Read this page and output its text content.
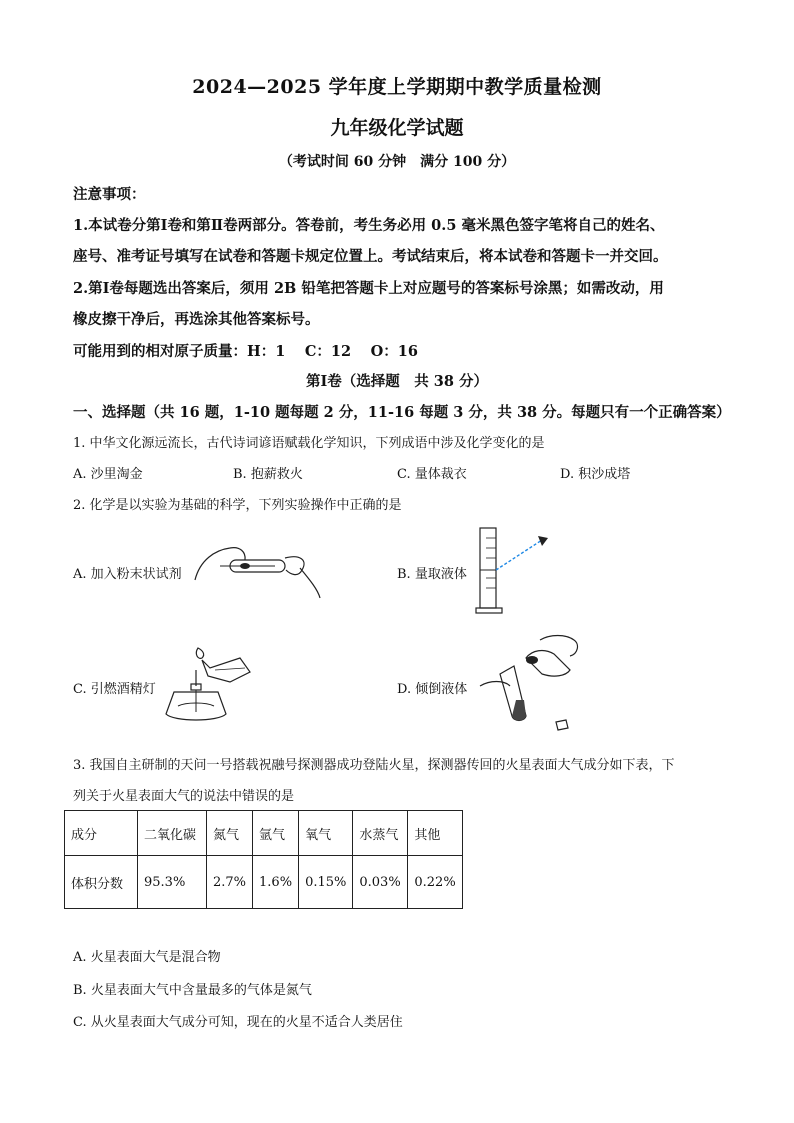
2024—2025 学年度上学期期中教学质量检测
九年级化学试题
（考试时间 60 分钟　满分 100 分）
注意事项：
1.本试卷分第Ⅰ卷和第Ⅱ卷两部分。答卷前，考生务必用 0.5 毫米黑色签字笔将自己的姓名、
座号、准考证号填写在试卷和答题卡规定位置上。考试结束后，将本试卷和答题卡一并交回。
2.第Ⅰ卷每题选出答案后，须用 2B 铅笔把答题卡上对应题号的答案标号涂黑；如需改动，用
橡皮擦干净后，再选涂其他答案标号。
可能用到的相对原子质量：H：1　 C：12　 O：16
第Ⅰ卷（选择题　共 38 分）
一、选择题（共 16 题，1-10 题每题 2 分，11-16 每题 3 分，共 38 分。每题只有一个正确答案）
1. 中华文化源远流长，古代诗词谚语赋载化学知识，下列成语中涉及化学变化的是
A. 沙里淘金	B. 抱薪救火	C. 量体裁衣	D. 积沙成塔
2. 化学是以实验为基础的科学，下列实验操作中正确的是
A. 加入粉末状试剂	B. 量取液体
C. 引燃酒精灯	D. 倾倒液体
3. 我国自主研制的天问一号搭载祝融号探测器成功登陆火星，探测器传回的火星表面大气成分如下表，下
列关于火星表面大气的说法中错误的是
成分	二氧化碳	氮气	氩气	氧气	水蒸气	其他
体积分数	95.3%	2.7%	1.6%	0.15%	0.03%	0.22%
A. 火星表面大气是混合物
B. 火星表面大气中含量最多的气体是氮气
C. 从火星表面大气成分可知，现在的火星不适合人类居住
